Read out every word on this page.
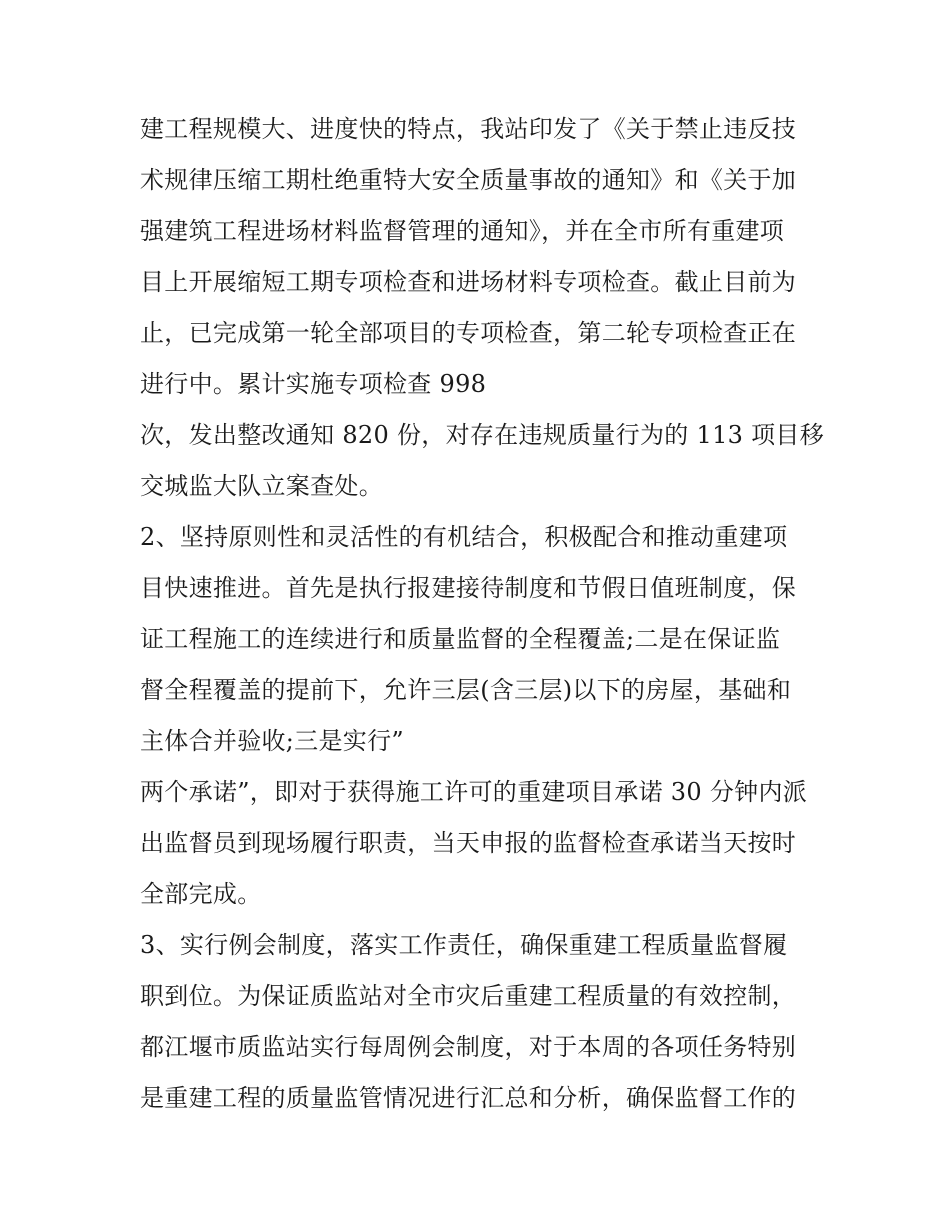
建工程规模大、进度快的特点，我站印发了《关于禁止违反技
术规律压缩工期杜绝重特大安全质量事故的通知》和《关于加
强建筑工程进场材料监督管理的通知》，并在全市所有重建项
目上开展缩短工期专项检查和进场材料专项检查。截止目前为
止，已完成第一轮全部项目的专项检查，第二轮专项检查正在
进行中。累计实施专项检查 998
次，发出整改通知 820 份，对存在违规质量行为的 113 项目移
交城监大队立案查处。
2、坚持原则性和灵活性的有机结合，积极配合和推动重建项
目快速推进。首先是执行报建接待制度和节假日值班制度，保
证工程施工的连续进行和质量监督的全程覆盖;二是在保证监
督全程覆盖的提前下，允许三层(含三层)以下的房屋，基础和
主体合并验收;三是实行”
两个承诺”，即对于获得施工许可的重建项目承诺 30 分钟内派
出监督员到现场履行职责，当天申报的监督检查承诺当天按时
全部完成。
3、实行例会制度，落实工作责任，确保重建工程质量监督履
职到位。为保证质监站对全市灾后重建工程质量的有效控制，
都江堰市质监站实行每周例会制度，对于本周的各项任务特别
是重建工程的质量监管情况进行汇总和分析，确保监督工作的
